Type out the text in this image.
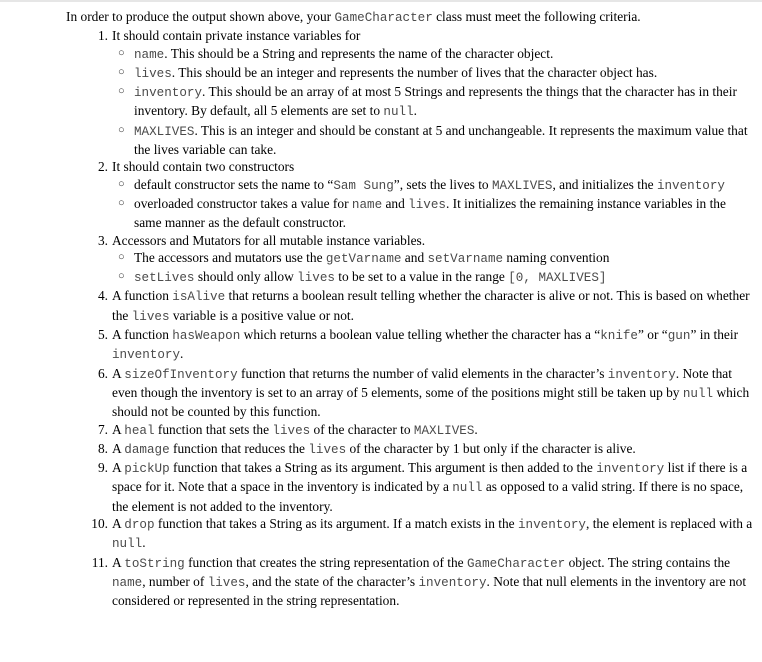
In order to produce the output shown above, your GameCharacter class must meet the following criteria.

1. It should contain private instance variables for
○ name. This should be a String and represents the name of the character object.
○ lives. This should be an integer and represents the number of lives that the character object has.
○ inventory. This should be an array of at most 5 Strings and represents the things that the character has in their inventory. By default, all 5 elements are set to null.
○ MAXLIVES. This is an integer and should be constant at 5 and unchangeable. It represents the maximum value that the lives variable can take.
2. It should contain two constructors
○ default constructor sets the name to “Sam Sung”, sets the lives to MAXLIVES, and initializes the inventory
○ overloaded constructor takes a value for name and lives. It initializes the remaining instance variables in the same manner as the default constructor.
3. Accessors and Mutators for all mutable instance variables.
○ The accessors and mutators use the getVarname and setVarname naming convention
○ setLives should only allow lives to be set to a value in the range [0, MAXLIVES]
4. A function isAlive that returns a boolean result telling whether the character is alive or not. This is based on whether the lives variable is a positive value or not.
5. A function hasWeapon which returns a boolean value telling whether the character has a “knife” or “gun” in their inventory.
6. A sizeOfInventory function that returns the number of valid elements in the character’s inventory. Note that even though the inventory is set to an array of 5 elements, some of the positions might still be taken up by null which should not be counted by this function.
7. A heal function that sets the lives of the character to MAXLIVES.
8. A damage function that reduces the lives of the character by 1 but only if the character is alive.
9. A pickUp function that takes a String as its argument. This argument is then added to the inventory list if there is a space for it. Note that a space in the inventory is indicated by a null as opposed to a valid string. If there is no space, the element is not added to the inventory.
10. A drop function that takes a String as its argument. If a match exists in the inventory, the element is replaced with a null.
11. A toString function that creates the string representation of the GameCharacter object. The string contains the name, number of lives, and the state of the character’s inventory. Note that null elements in the inventory are not considered or represented in the string representation.
